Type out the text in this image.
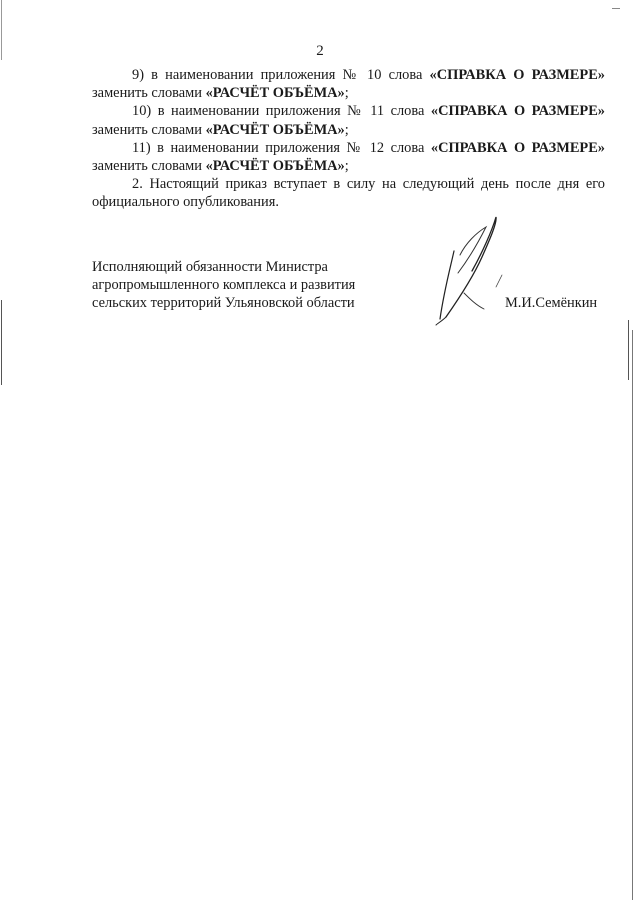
2

9) в наименовании приложения № 10 слова «СПРАВКА О РАЗМЕРЕ» заменить словами «РАСЧЁТ ОБЪЁМА»;

10) в наименовании приложения № 11 слова «СПРАВКА О РАЗМЕРЕ» заменить словами «РАСЧЁТ ОБЪЁМА»;

11) в наименовании приложения № 12 слова «СПРАВКА О РАЗМЕРЕ» заменить словами «РАСЧЁТ ОБЪЁМА»;

2. Настоящий приказ вступает в силу на следующий день после дня его официального опубликования.

Исполняющий обязанности Министра
агропромышленного комплекса и развития
сельских территорий Ульяновской области	М.И.Семёнкин
